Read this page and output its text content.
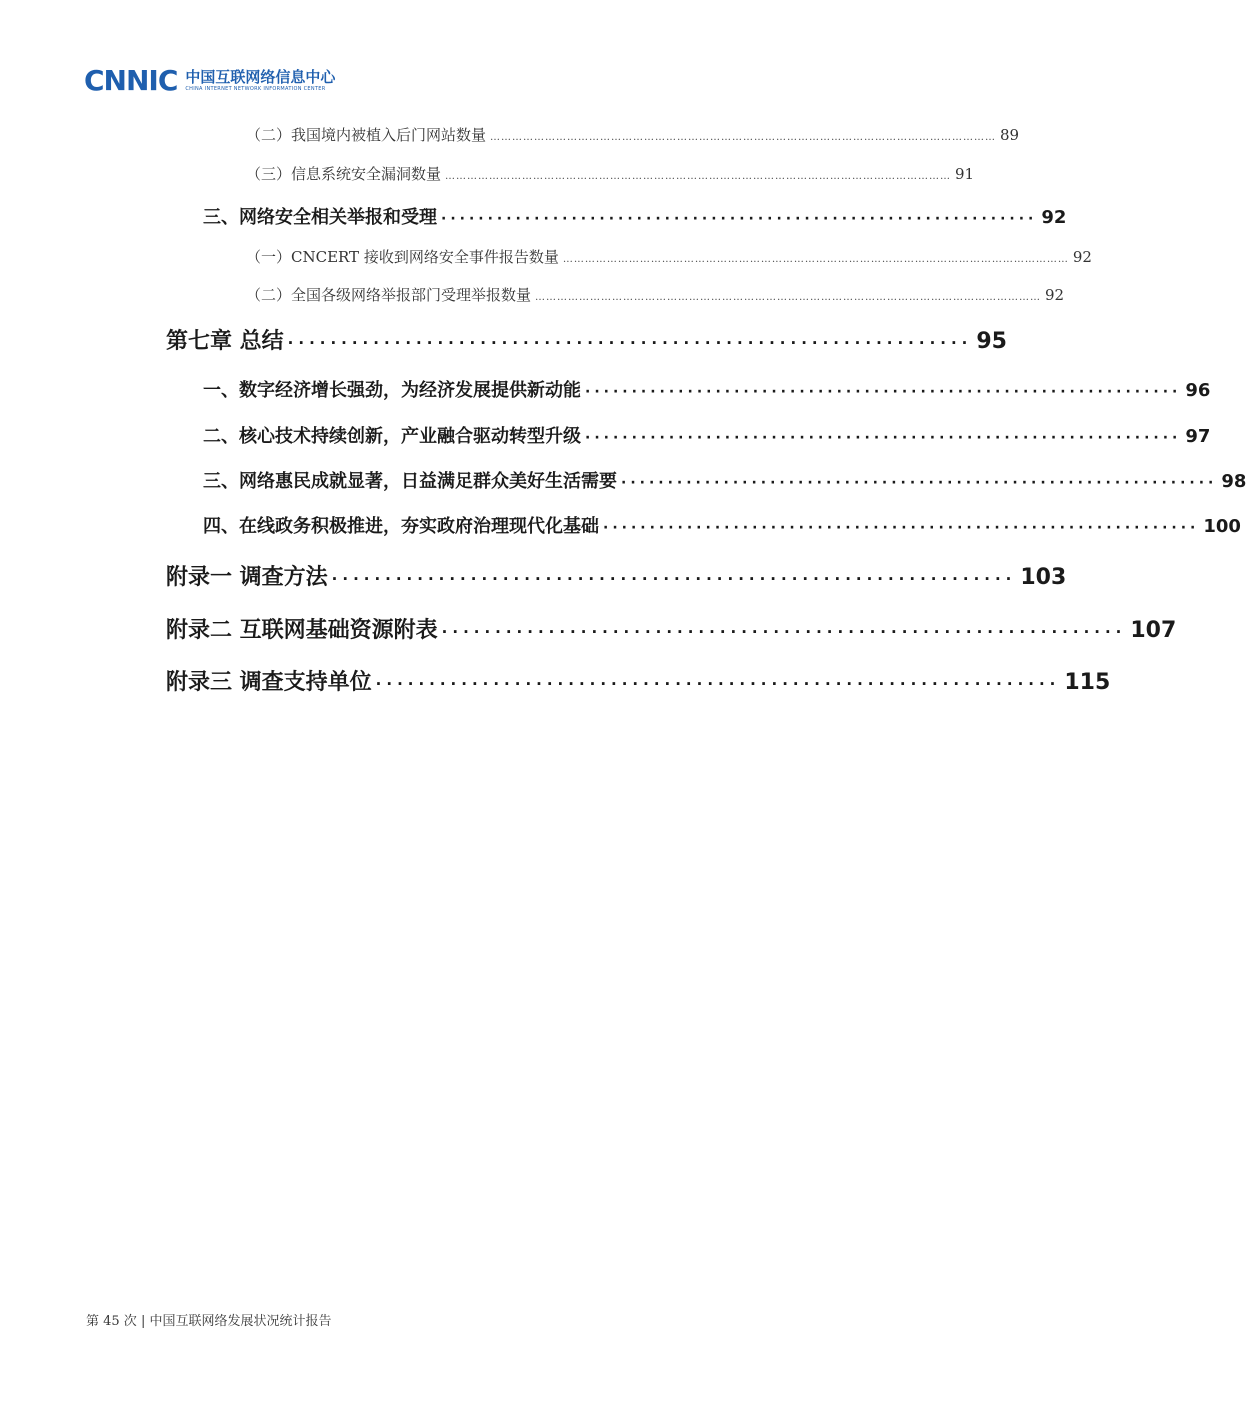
CNNIC 中国互联网络信息中心
CHINA INTERNET NETWORK INFORMATION CENTER
（二）我国境内被植入后门网站数量 ………………………………………………………………………………………………………………………… 89
（三）信息系统安全漏洞数量 ………………………………………………………………………………………………………………………… 91
三、网络安全相关举报和受理 ································································ 92
（一）CNCERT 接收到网络安全事件报告数量 ………………………………………………………………………………………………………………………… 92
（二）全国各级网络举报部门受理举报数量 ………………………………………………………………………………………………………………………… 92
第七章 总结 ································································ 95
一、数字经济增长强劲，为经济发展提供新动能 ································································ 96
二、核心技术持续创新，产业融合驱动转型升级 ································································ 97
三、网络惠民成就显著，日益满足群众美好生活需要 ································································ 98
四、在线政务积极推进，夯实政府治理现代化基础 ································································ 100
附录一 调查方法 ································································ 103
附录二 互联网基础资源附表 ································································ 107
附录三 调查支持单位 ································································ 115
第 45 次 | 中国互联网络发展状况统计报告
